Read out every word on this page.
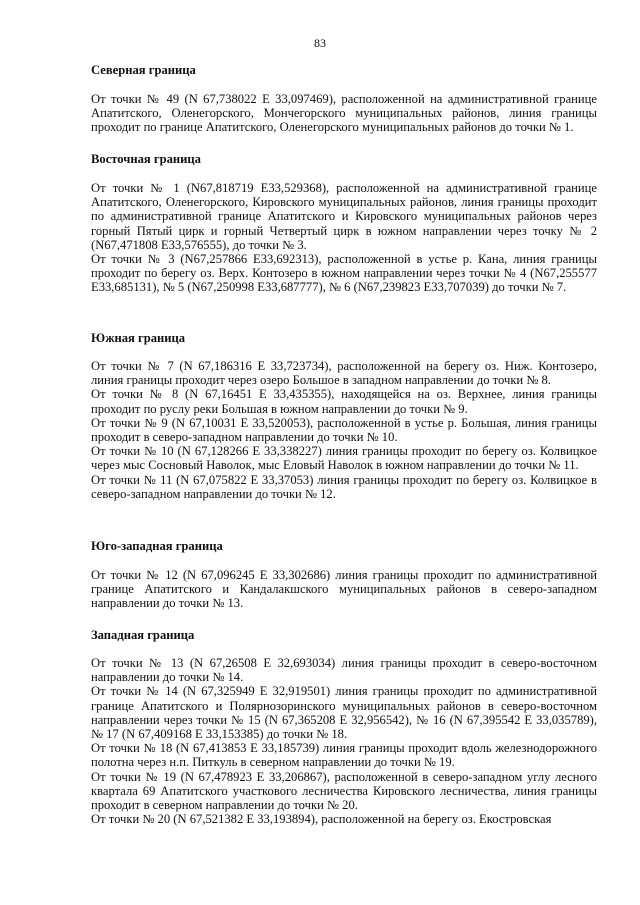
83
Северная граница

От точки № 49 (N 67,738022 Е 33,097469), расположенной на административной границе Апатитского, Оленегорского, Мончегорского муниципальных районов, линия границы проходит по границе Апатитского, Оленегорского муниципальных районов до точки № 1.

Восточная граница

От точки № 1 (N67,818719 E33,529368), расположенной на административной границе Апатитского, Оленегорского, Кировского муниципальных районов, линия границы проходит по административной границе Апатитского и Кировского муниципальных районов через горный Пятый цирк и горный Четвертый цирк в южном направлении через точку № 2 (N67,471808 E33,576555), до точки № 3.

От точки № 3 (N67,257866 E33,692313), расположенной в устье р. Кана, линия границы проходит по берегу оз. Верх. Контозеро в южном направлении через точки № 4 (N67,255577 E33,685131), № 5 (N67,250998 E33,687777), № 6 (N67,239823 E33,707039) до точки № 7.

Южная граница

От точки № 7 (N 67,186316 E 33,723734), расположенной на берегу оз. Ниж. Контозеро, линия границы проходит через озеро Большое в западном направлении до точки № 8.

От точки № 8 (N 67,16451 E 33,435355), находящейся на оз. Верхнее, линия границы проходит по руслу реки Большая в южном направлении до точки № 9.

От точки № 9 (N 67,10031 E 33,520053), расположенной в устье р. Большая, линия границы проходит в северо-западном направлении до точки № 10.

От точки № 10 (N 67,128266 E 33,338227) линия границы проходит по берегу оз. Колвицкое через мыс Сосновый Наволок, мыс Еловый Наволок в южном направлении до точки № 11.

От точки № 11 (N 67,075822 E 33,37053) линия границы проходит по берегу оз. Колвицкое в северо-западном направлении до точки № 12.

Юго-западная граница

От точки № 12 (N 67,096245 E 33,302686) линия границы проходит по административной границе Апатитского и Кандалакшского муниципальных районов в северо-западном направлении до точки № 13.

Западная граница

От точки № 13 (N 67,26508 E 32,693034) линия границы проходит в северо-восточном направлении до точки № 14.

От точки № 14 (N 67,325949 E 32,919501) линия границы проходит по административной границе Апатитского и Полярнозоринского муниципальных районов в северо-восточном направлении через точки № 15 (N 67,365208 E 32,956542), № 16 (N 67,395542 E 33,035789), № 17 (N 67,409168 E 33,153385) до точки № 18.

От точки № 18 (N 67,413853 E 33,185739) линия границы проходит вдоль железнодорожного полотна через н.п. Питкуль в северном направлении до точки № 19.

От точки № 19 (N 67,478923 E 33,206867), расположенной в северо-западном углу лесного квартала 69 Апатитского участкового лесничества Кировского лесничества, линия границы проходит в северном направлении до точки № 20.

От точки № 20 (N 67,521382 E 33,193894), расположенной на берегу оз. Екостровская
